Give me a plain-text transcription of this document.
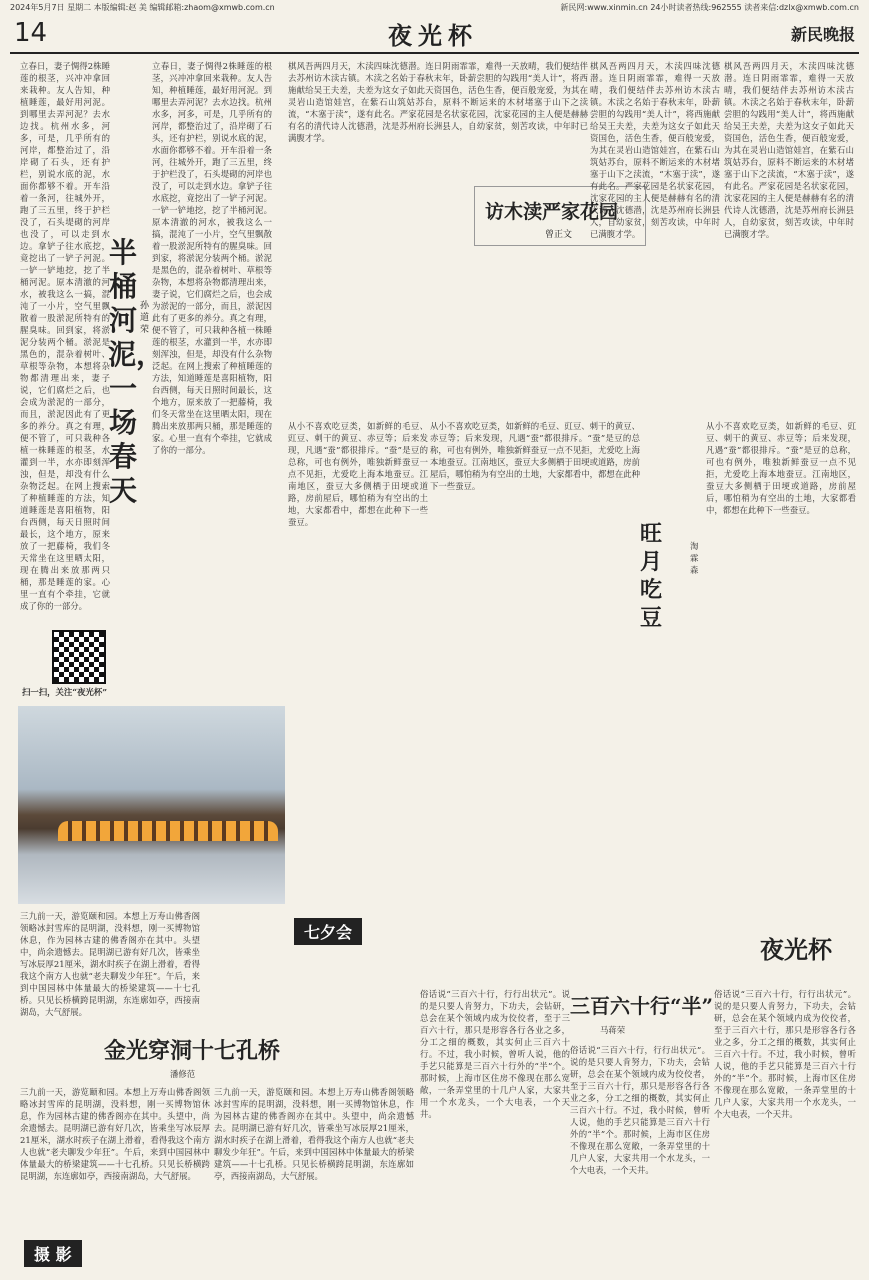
2024年5月7日 星期二 本版编辑:赵 美 编辑邮箱:zhaom@xmwb.com.cn	新民网:www.xinmin.cn 24小时读者热线:962555 读者来信:dzlx@xmwb.com.cn
14	夜光杯	新民晚报
半桶河泥，一场春天
孙道荣
立春日，妻子惆得2株睡莲的根茎，兴冲冲拿回来栽种。友人告知，种植睡莲，最好用河泥。到哪里去弄河泥？去水边找。杭州水多，河多，可是，几乎所有的河岸，都整治过了，沿岸砌了石头，还有护栏，别说水底的泥，水面你都够不着。开车沿着一条河，往城外开，跑了三五里，终于护栏没了，石头堤砌的河岸也没了，可以走到水边。拿铲子往水底挖，竟挖出了一铲子河泥。一铲一铲地挖，挖了半桶河泥。原本清澈的河水，被我这么一搞，混沌了一小片，空气里飘散着一股淤泥所特有的腥臭味。回到家，将淤泥分装两个桶。淤泥是黑色的，混杂着树叶、草根等杂物，本想将杂物都清理出来，妻子说，它们腐烂之后，也会成为淤泥的一部分，而且，淤泥因此有了更多的养分。真之有理，便不管了，可只栽种各植一株睡莲的根茎，水灌到一半，水亦即刻浑浊，但是，却没有什么杂物泛起。在网上搜索了种植睡莲的方法，知道睡莲是喜阳植物，阳台西侧，每天日照时间最长，这个地方，原来放了一把藤椅，我们冬天常坐在这里晒太阳，现在腾出来放那两只桶，那是睡莲的家。心里一直有个牵挂，它就成了你的一部分。
立春日，妻子惆得2株睡莲的根茎，兴冲冲拿回来栽种。友人告知，种植睡莲，最好用河泥。到哪里去弄河泥？去水边找。杭州水多，河多，可是，几乎所有的河岸，都整治过了，沿岸砌了石头，还有护栏，别说水底的泥，水面你都够不着。开车沿着一条河，往城外开，跑了三五里，终于护栏没了，石头堤砌的河岸也没了，可以走到水边。拿铲子往水底挖，竟挖出了一铲子河泥。一铲一铲地挖，挖了半桶河泥。原本清澈的河水，被我这么一搞，混沌了一小片，空气里飘散着一股淤泥所特有的腥臭味。回到家，将淤泥分装两个桶。淤泥是黑色的，混杂着树叶、草根等杂物，本想将杂物都清理出来，妻子说，它们腐烂之后，也会成为淤泥的一部分，而且，淤泥因此有了更多的养分。真之有理，便不管了，可只栽种各植一株睡莲的根茎，水灌到一半，水亦即刻浑浊，但是，却没有什么杂物泛起。在网上搜索了种植睡莲的方法，知道睡莲是喜阳植物，阳台西侧，每天日照时间最长，这个地方，原来放了一把藤椅，我们冬天常坐在这里晒太阳，现在腾出来放那两只桶，那是睡莲的家。心里一直有个牵挂，它就成了你的一部分。
扫一扫，关注“夜光杯”
棋风吾两四月天，木渎四味沈德潜。连日阴雨霏霏，难得一天放晴，我们便结伴去苏州访木渎古镇。木渎之名始于春秋末年，卧薪尝胆的勾践用“美人计”，将西施献给吴王夫差，夫差为这女子如此天资国色，活色生香，便百般宠爱，为其在灵岩山造馆娃宫，在紫石山筑姑苏台，原料不断运来的木材堵塞于山下之渎流，“木塞于渎”，遂有此名。严家花园是名状家花园，沈家花园的主人便是赫赫有名的清代诗人沈德潜，沈是苏州府长洲县人，自幼家贫，刻苦攻读，中年时已满腹才学。
访木渎严家花园
曾正文
棋风吾两四月天，木渎四味沈德潜。连日阴雨霏霏，难得一天放晴，我们便结伴去苏州访木渎古镇。木渎之名始于春秋末年，卧薪尝胆的勾践用“美人计”，将西施献给吴王夫差，夫差为这女子如此天资国色，活色生香，便百般宠爱，为其在灵岩山造馆娃宫，在紫石山筑姑苏台，原料不断运来的木材堵塞于山下之渎流，“木塞于渎”，遂有此名。严家花园是名状家花园，沈家花园的主人便是赫赫有名的清代诗人沈德潜，沈是苏州府长洲县人，自幼家贫，刻苦攻读，中年时已满腹才学。
棋风吾两四月天，木渎四味沈德潜。连日阴雨霏霏，难得一天放晴，我们便结伴去苏州访木渎古镇。木渎之名始于春秋末年，卧薪尝胆的勾践用“美人计”，将西施献给吴王夫差，夫差为这女子如此天资国色，活色生香，便百般宠爱，为其在灵岩山造馆娃宫，在紫石山筑姑苏台，原料不断运来的木材堵塞于山下之渎流，“木塞于渎”，遂有此名。严家花园是名状家花园，沈家花园的主人便是赫赫有名的清代诗人沈德潜，沈是苏州府长洲县人，自幼家贫，刻苦攻读，中年时已满腹才学。
从小不喜欢吃豆类，如新鲜的毛豆、豇豆、刺干的黄豆、赤豆等；后来发现，凡遇“蚕”都很排斥。“蚕”是豆的总称，可也有例外，唯独新鲜蚕豆一点不见拒，尤爱吃上海本地蚕豆。江南地区，蚕豆大多侧栖于田埂或道路，房前屋后，哪怕稍为有空出的土地，大家都看中，都想在此种下一些蚕豆。
从小不喜欢吃豆类，如新鲜的毛豆、豇豆、刺干的黄豆、赤豆等；后来发现，凡遇“蚕”都很排斥。“蚕”是豆的总称，可也有例外，唯独新鲜蚕豆一点不见拒，尤爱吃上海本地蚕豆。江南地区，蚕豆大多侧栖于田埂或道路，房前屋后，哪怕稍为有空出的土地，大家都看中，都想在此种下一些蚕豆。
旺月吃豆
淘霖森
从小不喜欢吃豆类，如新鲜的毛豆、豇豆、刺干的黄豆、赤豆等；后来发现，凡遇“蚕”都很排斥。“蚕”是豆的总称，可也有例外，唯独新鲜蚕豆一点不见拒，尤爱吃上海本地蚕豆。江南地区，蚕豆大多侧栖于田埂或道路，房前屋后，哪怕稍为有空出的土地，大家都看中，都想在此种下一些蚕豆。
七夕会
摄 影
夜光杯
三九前一天，游览颐和园。本想上万寿山佛香阁领略冰封雪库的昆明湖，没料想，刚一买博物馆休息，作为园林古建的佛香阁亦在其中。头望中，尚余遗憾去。昆明湖已游有好几次，皆乘坐写冰辰厚21厘米，湖水时疾子在湖上滑着，看得我这个南方人也就“老夫聊发少年狂”。午后，来到中国园林中体量最大的桥梁建筑——十七孔桥。只见长桥横跨昆明湖，东连廓如亭，西接南湖岛，大气舒展。
金光穿洞十七孔桥
潘修范
三九前一天，游览颐和园。本想上万寿山佛香阁领略冰封雪库的昆明湖，没料想，刚一买博物馆休息，作为园林古建的佛香阁亦在其中。头望中，尚余遗憾去。昆明湖已游有好几次，皆乘坐写冰辰厚21厘米，湖水时疾子在湖上滑着，看得我这个南方人也就“老夫聊发少年狂”。午后，来到中国园林中体量最大的桥梁建筑——十七孔桥。只见长桥横跨昆明湖，东连廓如亭，西接南湖岛，大气舒展。
三九前一天，游览颐和园。本想上万寿山佛香阁领略冰封雪库的昆明湖，没料想，刚一买博物馆休息，作为园林古建的佛香阁亦在其中。头望中，尚余遗憾去。昆明湖已游有好几次，皆乘坐写冰辰厚21厘米，湖水时疾子在湖上滑着，看得我这个南方人也就“老夫聊发少年狂”。午后，来到中国园林中体量最大的桥梁建筑——十七孔桥。只见长桥横跨昆明湖，东连廓如亭，西接南湖岛，大气舒展。
俗话说“三百六十行，行行出状元”。说的是只要人肯努力，下功夫，会钻研，总会在某个领域内成为佼佼者，至于三百六十行，那只是形容各行各业之多，分工之细的概数，其实何止三百六十行。不过，我小时候，曾听人说，他的手艺只能算是三百六十行外的“半”个。那时候，上海市区住房不像现在那么宽敞，一条弄堂里的十几户人家，大家共用一个水龙头，一个大电表，一个天井。
三百六十行“半”
马蒋荣
俗话说“三百六十行，行行出状元”。说的是只要人肯努力，下功夫，会钻研，总会在某个领域内成为佼佼者，至于三百六十行，那只是形容各行各业之多，分工之细的概数，其实何止三百六十行。不过，我小时候，曾听人说，他的手艺只能算是三百六十行外的“半”个。那时候，上海市区住房不像现在那么宽敞，一条弄堂里的十几户人家，大家共用一个水龙头，一个大电表，一个天井。
俗话说“三百六十行，行行出状元”。说的是只要人肯努力，下功夫，会钻研，总会在某个领域内成为佼佼者，至于三百六十行，那只是形容各行各业之多，分工之细的概数，其实何止三百六十行。不过，我小时候，曾听人说，他的手艺只能算是三百六十行外的“半”个。那时候，上海市区住房不像现在那么宽敞，一条弄堂里的十几户人家，大家共用一个水龙头，一个大电表，一个天井。
